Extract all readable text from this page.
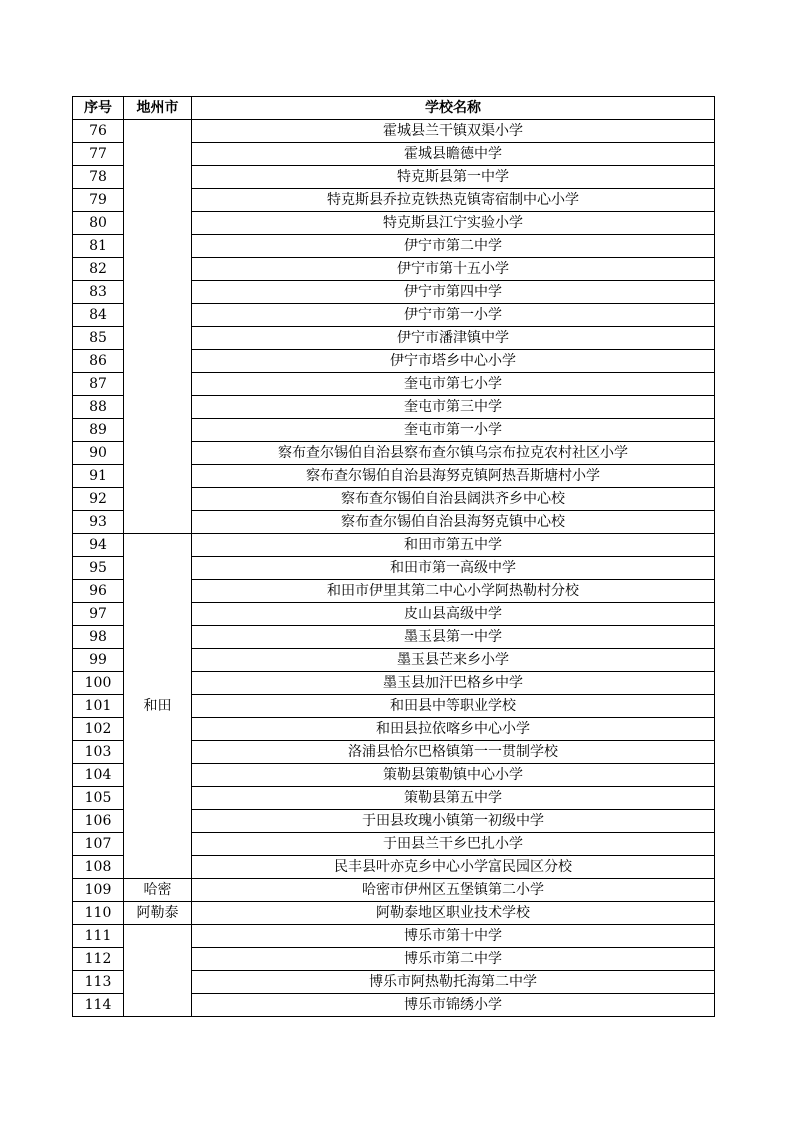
序号	地州市	学校名称
76		霍城县兰干镇双渠小学
77		霍城县瞻德中学
78		特克斯县第一中学
79		特克斯县乔拉克铁热克镇寄宿制中心小学
80		特克斯县江宁实验小学
81		伊宁市第二中学
82		伊宁市第十五小学
83		伊宁市第四中学
84		伊宁市第一小学
85		伊宁市潘津镇中学
86		伊宁市塔乡中心小学
87		奎屯市第七小学
88		奎屯市第三中学
89		奎屯市第一小学
90		察布查尔锡伯自治县察布查尔镇乌宗布拉克农村社区小学
91		察布查尔锡伯自治县海努克镇阿热吾斯塘村小学
92		察布查尔锡伯自治县阔洪齐乡中心校
93		察布查尔锡伯自治县海努克镇中心校
94	和田	和田市第五中学
95		和田市第一高级中学
96		和田市伊里其第二中心小学阿热勒村分校
97		皮山县高级中学
98		墨玉县第一中学
99		墨玉县芒来乡小学
100		墨玉县加汗巴格乡中学
101		和田县中等职业学校
102		和田县拉依喀乡中心小学
103		洛浦县恰尔巴格镇第一一贯制学校
104		策勒县策勒镇中心小学
105		策勒县第五中学
106		于田县玫瑰小镇第一初级中学
107		于田县兰干乡巴扎小学
108		民丰县叶亦克乡中心小学富民园区分校
109	哈密	哈密市伊州区五堡镇第二小学
110	阿勒泰	阿勒泰地区职业技术学校
111		博乐市第十中学
112		博乐市第二中学
113		博乐市阿热勒托海第二中学
114		博乐市锦绣小学
